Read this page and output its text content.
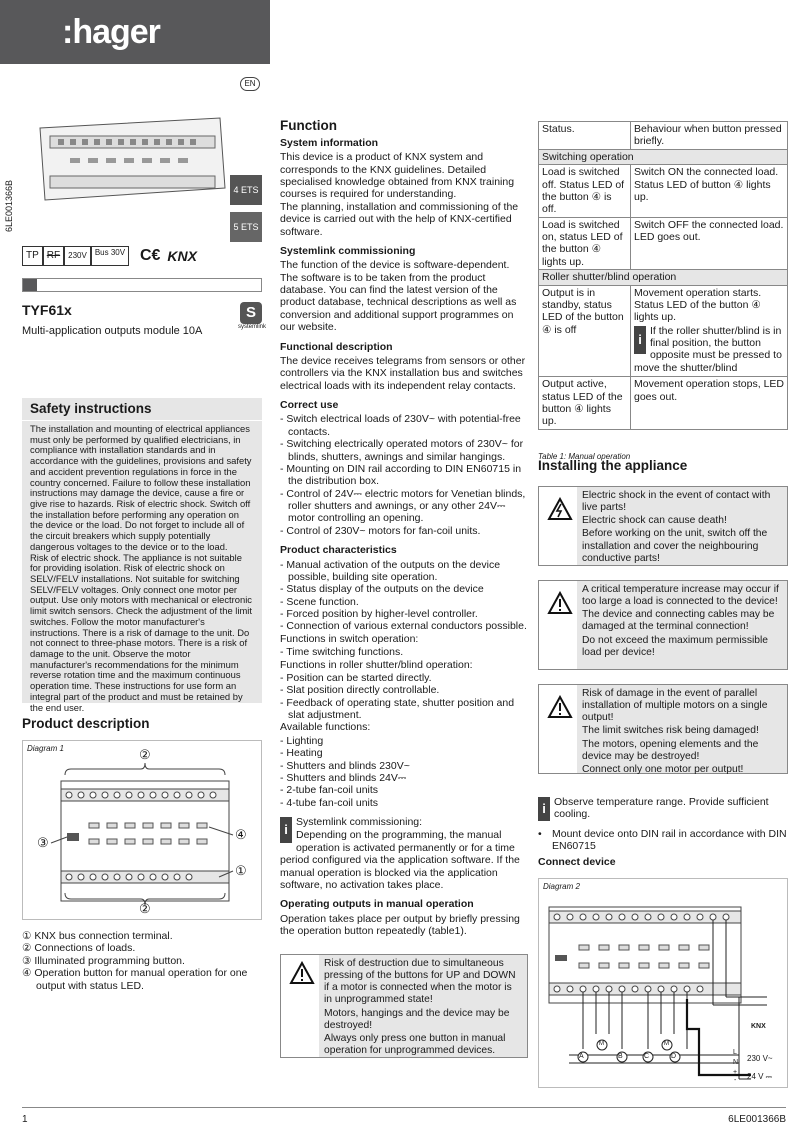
:hager
EN
6LE001366B	4 ETS
5 ETS
TP RF 230V Bus 30V C€ KNX
TYF61x
Multi-application outputs module 10A
S
systemlink
Safety instructions
The installation and mounting of electrical appliances must only be performed by qualified electricians, in compliance with installation standards and in accordance with the guidelines, provisions and safety and accident prevention regulations in force in the country concerned. Failure to follow these installation instructions may damage the device, cause a fire or give rise to hazards. Risk of electric shock. Switch off the installation before performing any operation on the device or the load. Do not forget to include all of the circuit breakers which supply potentially dangerous voltages to the device or to the load.
Risk of electric shock. The appliance is not suitable for providing isolation. Risk of electric shock on SELV/FELV installations. Not suitable for switching SELV/FELV voltages. Only connect one motor per output. Use only motors with mechanical or electronic limit switch sensors. Check the adjustment of the limit switches. Follow the motor manufacturer's instructions. There is a risk of damage to the unit. Do not connect to three-phase motors. There is a risk of damage to the unit. Observe the motor manufacturer's recommendations for the minimum reverse rotation time and the maximum continuous operation time. These instructions for use form an integral part of the product and must be retained by the end user.
Product description
Diagram 1	②
③
④
①
②
① KNX bus connection terminal.
② Connections of loads.
③ Illuminated programming button.
④ Operation button for manual operation for one output with status LED.
Function
System information

This device is a product of KNX system and corresponds to the KNX guidelines. Detailed specialised knowledge obtained from KNX training courses is required for understanding.
The planning, installation and commissioning of the device is carried out with the help of KNX-certified software.

Systemlink commissioning

The function of the device is software-dependent. The software is to be taken from the product database. You can find the latest version of the product database, technical descriptions as well as conversion and additional support programmes on our website.

Functional description

The device receives telegrams from sensors or other controllers via the KNX installation bus and switches electrical loads with its independent relay contacts.

Correct use
- Switch electrical loads of 230V~ with potential-free contacts.
- Switching electrically operated motors of 230V~ for blinds, shutters, awnings and similar hangings.
- Mounting on DIN rail according to DIN EN60715 in the distribution box.
- Control of 24V⎓ electric motors for Venetian blinds, roller shutters and awnings, or any other 24V⎓ motor controlling an opening.
- Control of 230V~ motors for fan-coil units.
Product characteristics
- Manual activation of the outputs on the device possible, building site operation.
- Status display of the outputs on the device
- Scene function.
- Forced position by higher-level controller.
- Connection of various external conductors possible.

Functions in switch operation:

- Time switching functions.

Functions in roller shutter/blind operation:

- Position can be started directly.
- Slat position directly controllable.
- Feedback of operating state, shutter position and slat adjustment.

Available functions:

- Lighting
- Heating
- Shutters and blinds 230V~
- Shutters and blinds 24V⎓
- 2-tube fan-coil units
- 4-tube fan-coil units
i Systemlink commissioning:

Depending on the programming, the manual operation is activated permanently or for a time period configured via the application software. If the manual operation is blocked via the application software, no activation takes place.

Operating outputs in manual operation

Operation takes place per output by briefly pressing the operation button repeatedly (table1).

Risk of destruction due to simultaneous pressing of the buttons for UP and DOWN if a motor is connected when the motor is in unprogrammed state!

Motors, hangings and the device may be destroyed!

Always only press one button in manual operation for unprogrammed devices.

Status.	Behaviour when button pressed briefly.
Switching operation	
Load is switched off. Status LED of the button ④ is off.	Switch ON the connected load. Status LED of button ④ lights up.
Load is switched on, status LED of the button ④ lights up.	Switch OFF the connected load. LED goes out.
Roller shutter/blind operation	
Output is in standby, status LED of the button ④ is off	Movement operation starts. Status LED of the button ④ lights up.

i

If the roller shutter/blind is in final position, the button opposite must be pressed to move the shutter/blind

Output active, status LED of the button ④ lights up.	Movement operation stops, LED goes out.
Table 1: Manual operation
Installing the appliance

Electric shock in the event of contact with live parts!

Electric shock can cause death!

Before working on the unit, switch off the installation and cover the neighbouring conductive parts!

A critical temperature increase may occur if too large a load is connected to the device!

The device and connecting cables may be damaged at the terminal connection!

Do not exceed the maximum permissible load per device!

Risk of damage in the event of parallel installation of multiple motors on a single output!

The limit switches risk being damaged!

The motors, opening elements and the device may be destroyed!

Connect only one motor per output!

i Observe temperature range. Provide sufficient cooling.

• Mount device onto DIN rail in accordance with DIN EN60715

Connect device
Diagram 2
A	B	C	D
M	M
KNX
L
N 230 V~
+
- 24 V ⎓
1	6LE001366B
